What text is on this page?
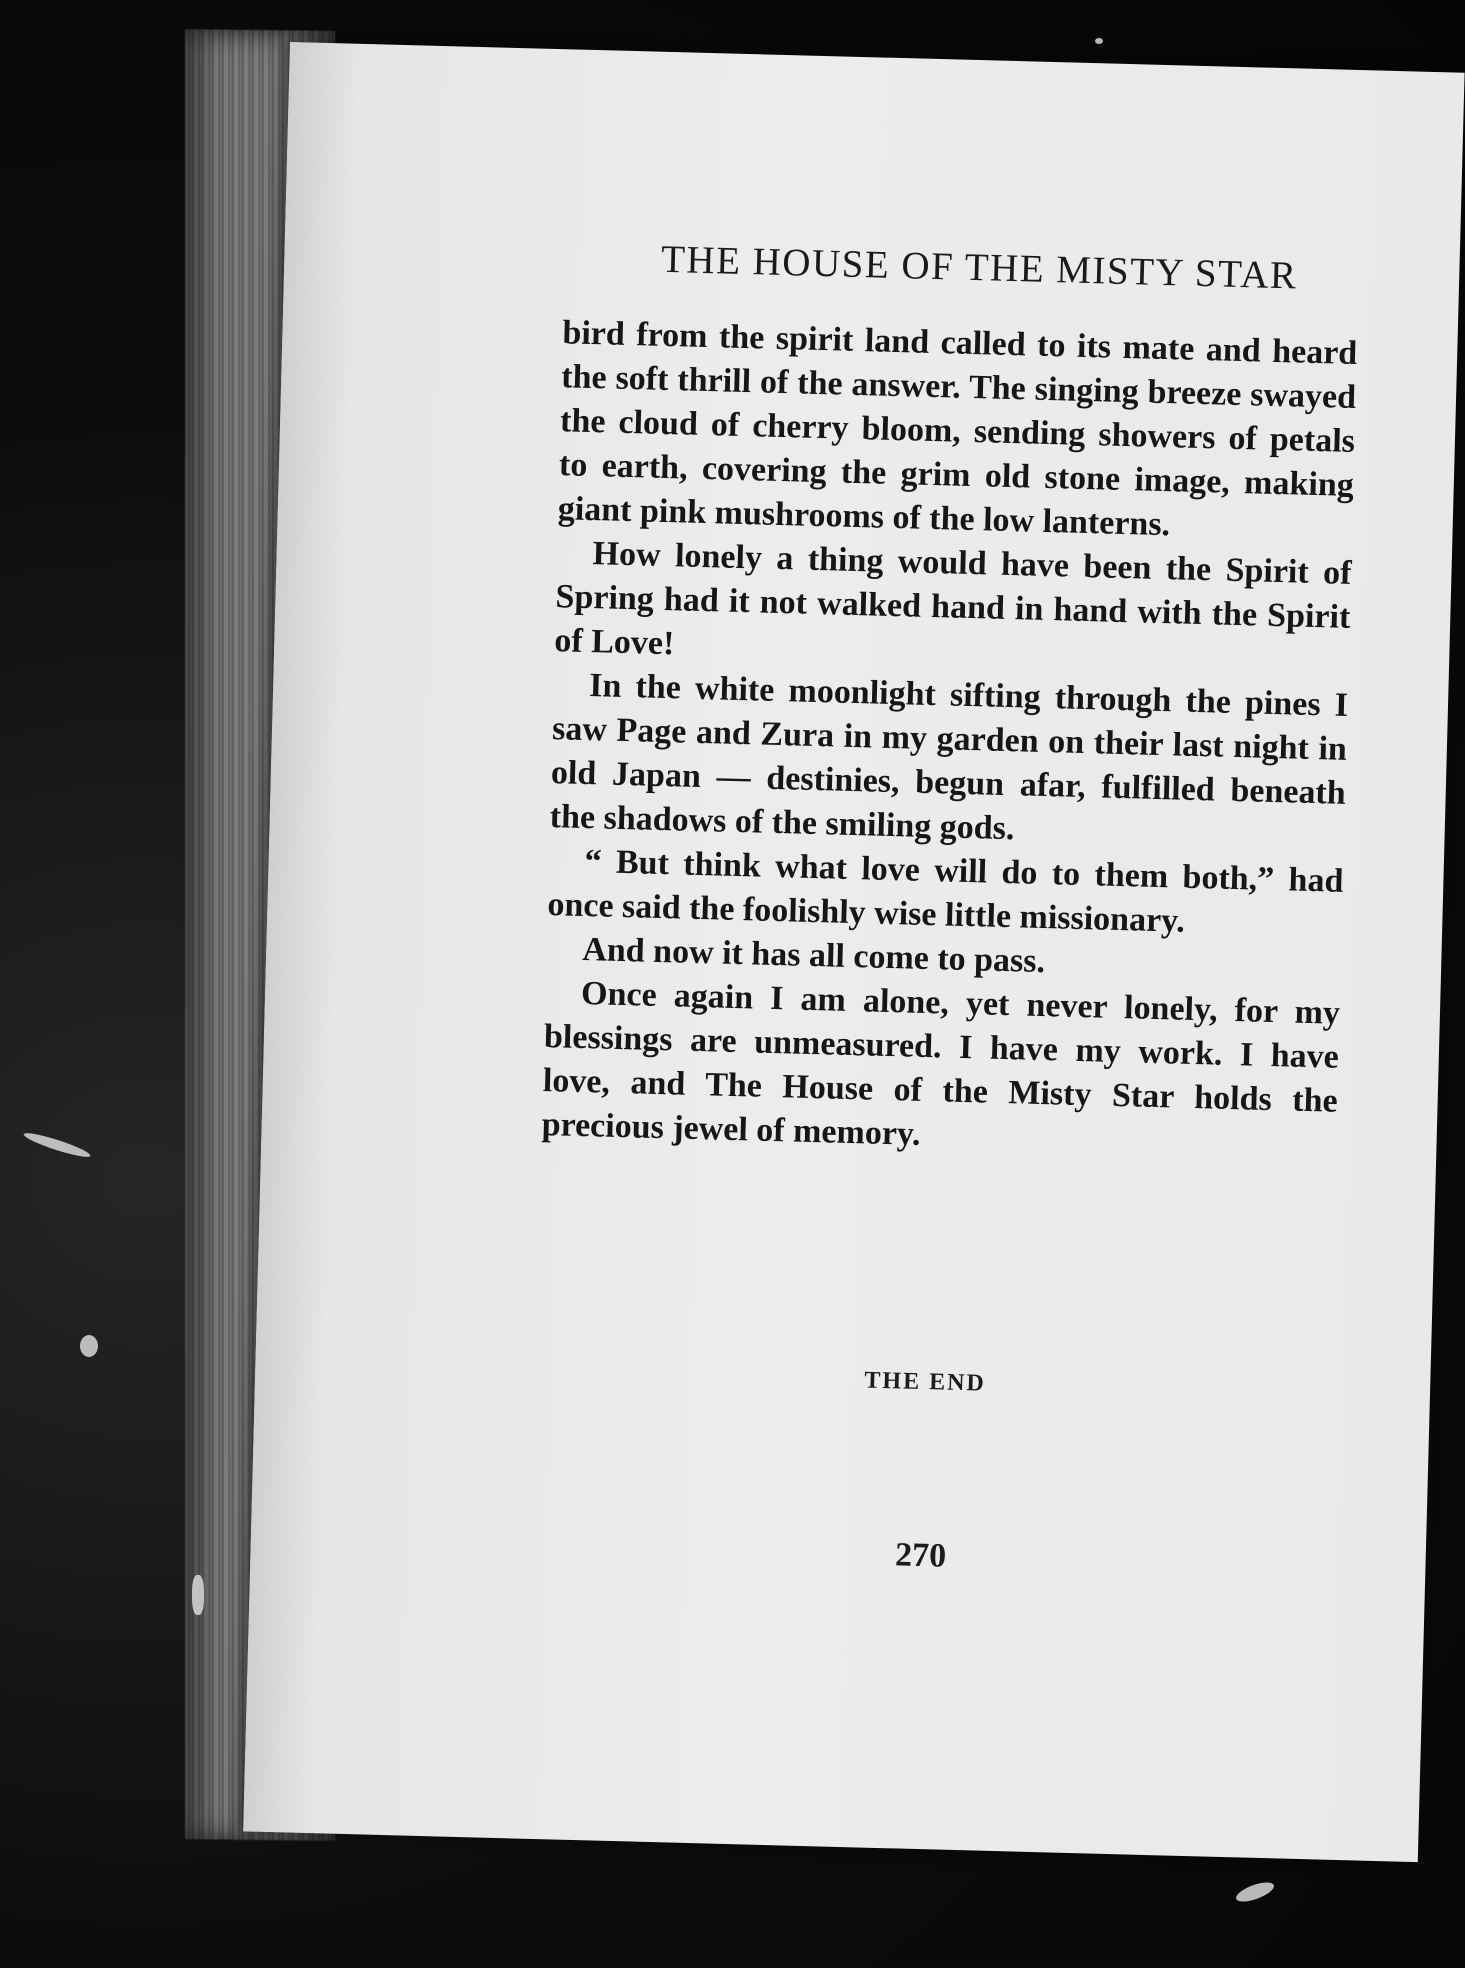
THE HOUSE OF THE MISTY STAR

bird from the spirit land called to its mate and heard the soft thrill of the answer. The singing breeze swayed the cloud of cherry bloom, sending showers of petals to earth, covering the grim old stone image, making giant pink mushrooms of the low lanterns.

How lonely a thing would have been the Spirit of Spring had it not walked hand in hand with the Spirit of Love!

In the white moonlight sifting through the pines I saw Page and Zura in my garden on their last night in old Japan — destinies, begun afar, fulfilled beneath the shadows of the smiling gods.

“ But think what love will do to them both,” had once said the foolishly wise little missionary.

And now it has all come to pass.

Once again I am alone, yet never lonely, for my blessings are unmeasured. I have my work. I have love, and The House of the Misty Star holds the precious jewel of memory.

THE END
270
